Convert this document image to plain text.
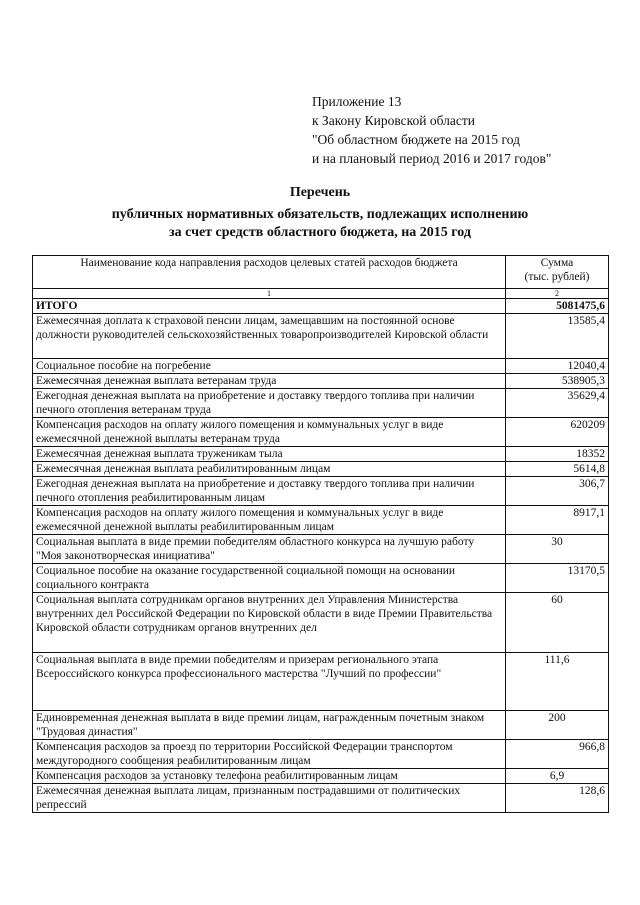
Приложение 13
к Закону Кировской области
"Об областном бюджете на 2015 год
и на плановый период 2016 и 2017 годов"
Перечень
публичных нормативных обязательств, подлежащих исполнению
за счет средств областного бюджета, на 2015 год
Наименование кода направления расходов целевых статей расходов бюджета	Сумма
(тыс. рублей)

1	2
ИТОГО	5081475,6
Ежемесячная доплата к страховой пенсии лицам, замещавшим на постоянной основе должности руководителей сельскохозяйственных товаропроизводителей Кировской области	13585,4
Социальное пособие на погребение	12040,4
Ежемесячная денежная выплата ветеранам труда	538905,3
Ежегодная денежная выплата на приобретение и доставку твердого топлива при наличии печного отопления ветеранам труда	35629,4
Компенсация расходов на оплату жилого помещения и коммунальных услуг в виде ежемесячной денежной выплаты ветеранам труда	620209
Ежемесячная денежная выплата труженикам тыла	18352
Ежемесячная денежная выплата реабилитированным лицам	5614,8
Ежегодная денежная выплата на приобретение и доставку твердого топлива при наличии печного отопления реабилитированным лицам	306,7
Компенсация расходов на оплату жилого помещения и коммунальных услуг в виде ежемесячной денежной выплаты реабилитированным лицам	8917,1
Социальная выплата в виде премии победителям областного конкурса на лучшую работу "Моя законотворческая инициатива"	30
Социальное пособие на оказание государственной социальной помощи на основании социального контракта	13170,5
Социальная выплата сотрудникам органов внутренних дел Управления Министерства внутренних дел Российской Федерации по Кировской области в виде Премии Правительства Кировской области сотрудникам органов внутренних дел	60
Социальная выплата в виде премии победителям и призерам регионального этапа Всероссийского конкурса профессионального мастерства "Лучший по профессии"	111,6
Единовременная денежная выплата в виде премии лицам, награжденным почетным знаком "Трудовая династия"	200
Компенсация расходов за проезд по территории Российской Федерации транспортом междугородного сообщения реабилитированным лицам	966,8
Компенсация расходов за установку телефона реабилитированным лицам	6,9
Ежемесячная денежная выплата лицам, признанным пострадавшими от политических репрессий	128,6
